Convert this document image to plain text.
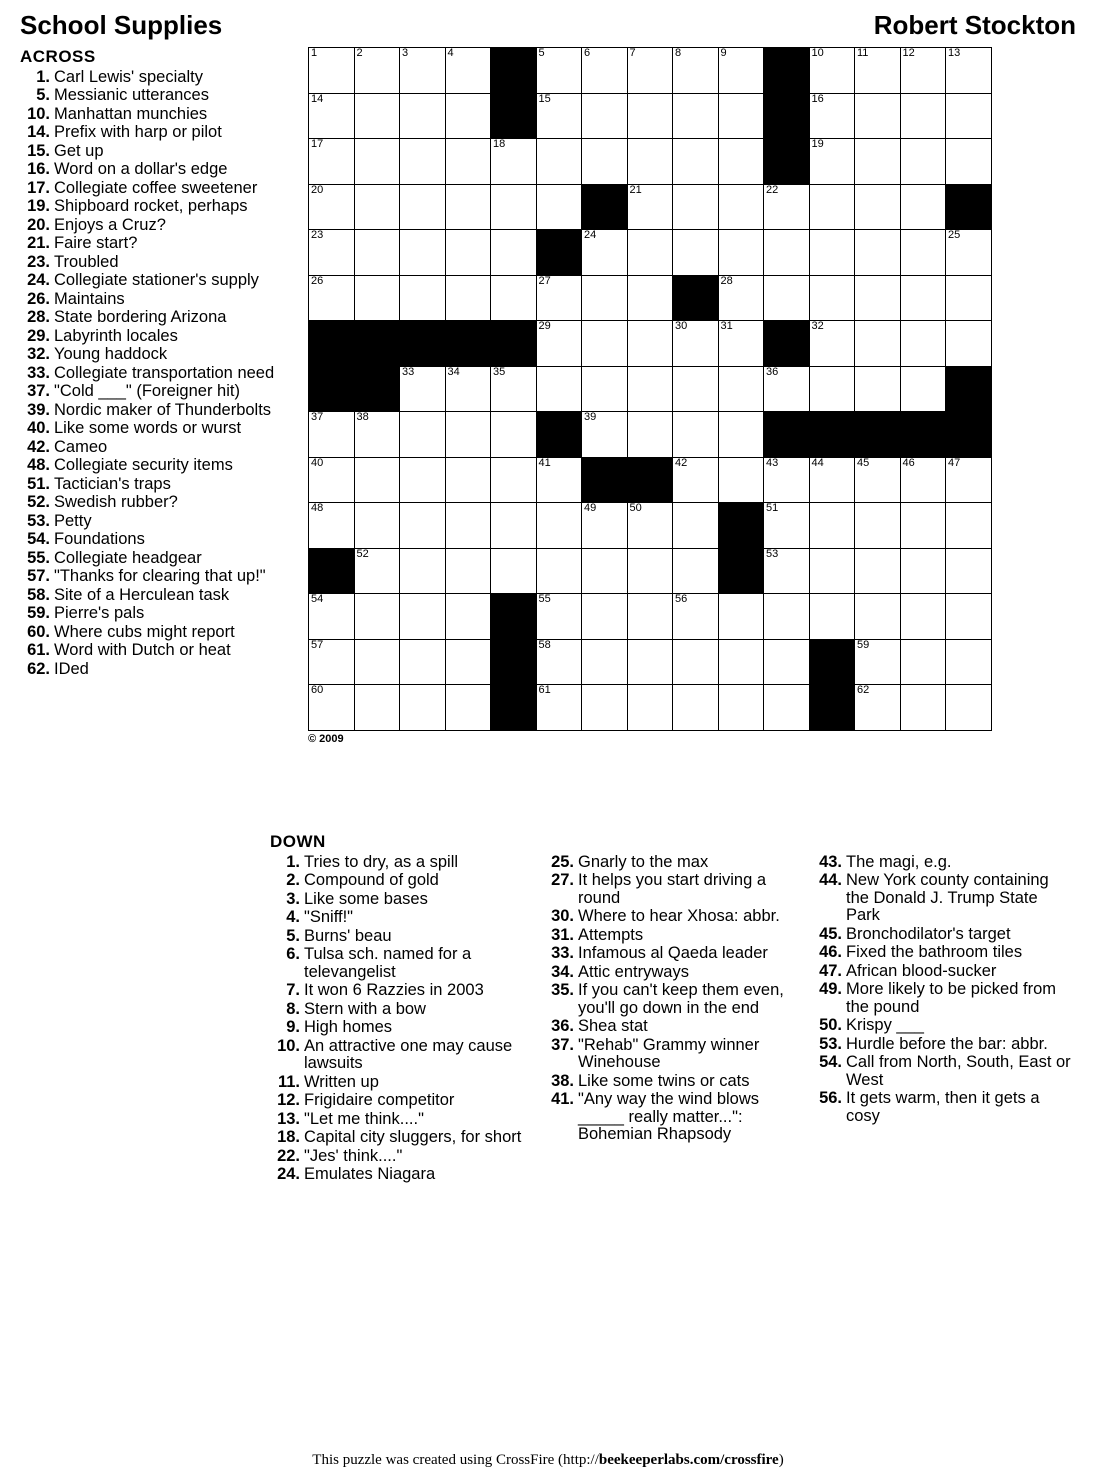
School Supplies	Robert Stockton
ACROSS
1. Carl Lewis' specialty
5. Messianic utterances
10. Manhattan munchies
14. Prefix with harp or pilot
15. Get up
16. Word on a dollar's edge
17. Collegiate coffee sweetener
19. Shipboard rocket, perhaps
20. Enjoys a Cruz?
21. Faire start?
23. Troubled
24. Collegiate stationer's supply
26. Maintains
28. State bordering Arizona
29. Labyrinth locales
32. Young haddock
33. Collegiate transportation need
37. "Cold ___" (Foreigner hit)
39. Nordic maker of Thunderbolts
40. Like some words or wurst
42. Cameo
48. Collegiate security items
51. Tactician's traps
52. Swedish rubber?
53. Petty
54. Foundations
55. Collegiate headgear
57. "Thanks for clearing that up!"
58. Site of a Herculean task
59. Pierre's pals
60. Where cubs might report
61. Word with Dutch or heat
62. IDed
1	2	3	4		5	6	7	8	9		10	11	12	13

14					15						16			

17				18							19			

20							21			22				

23						24								25

26					27				28					

					29			30	31		32			

		33	34	35						36				

37	38					39								

40					41			42		43	44	45	46	47

48						49	50			51				

	52									53				

54					55			56						

57					58							59		

60					61							62		

© 2009
DOWN
1. Tries to dry, as a spill
2. Compound of gold
3. Like some bases
4. "Sniff!"
5. Burns' beau
6. Tulsa sch. named for a televangelist
7. It won 6 Razzies in 2003
8. Stern with a bow
9. High homes
10. An attractive one may cause lawsuits
11. Written up
12. Frigidaire competitor
13. "Let me think...."
18. Capital city sluggers, for short
22. "Jes' think...."
24. Emulates Niagara

25. Gnarly to the max
27. It helps you start driving a round
30. Where to hear Xhosa: abbr.
31. Attempts
33. Infamous al Qaeda leader
34. Attic entryways
35. If you can't keep them even, you'll go down in the end
36. Shea stat
37. "Rehab" Grammy winner Winehouse
38. Like some twins or cats
41. "Any way the wind blows _____ really matter...": Bohemian Rhapsody

43. The magi, e.g.
44. New York county containing the Donald J. Trump State Park
45. Bronchodilator's target
46. Fixed the bathroom tiles
47. African blood-sucker
49. More likely to be picked from the pound
50. Krispy ___
53. Hurdle before the bar: abbr.
54. Call from North, South, East or West
56. It gets warm, then it gets a cosy
This puzzle was created using CrossFire (http://beekeeperlabs.com/crossfire)
